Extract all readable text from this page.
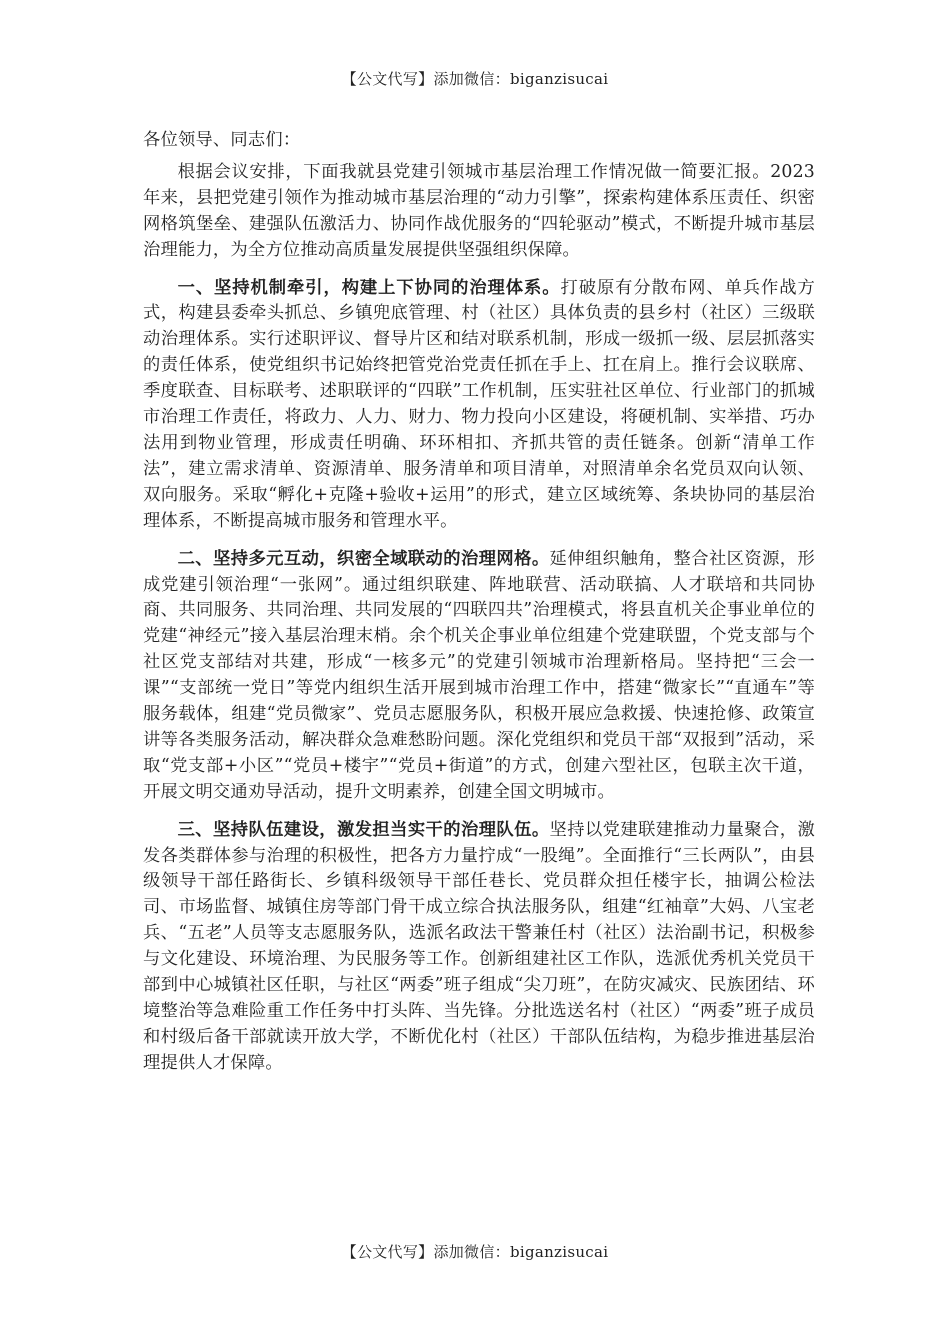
【公文代写】添加微信：biganzisucai

各位领导、同志们：

根据会议安排，下面我就县党建引领城市基层治理工作情况做一简要汇报。2023年来，县把党建引领作为推动城市基层治理的“动力引擎”，探索构建体系压责任、织密网格筑堡垒、建强队伍激活力、协同作战优服务的“四轮驱动”模式，不断提升城市基层治理能力，为全方位推动高质量发展提供坚强组织保障。

一、坚持机制牵引，构建上下协同的治理体系。打破原有分散布网、单兵作战方式，构建县委牵头抓总、乡镇兜底管理、村（社区）具体负责的县乡村（社区）三级联动治理体系。实行述职评议、督导片区和结对联系机制，形成一级抓一级、层层抓落实的责任体系，使党组织书记始终把管党治党责任抓在手上、扛在肩上。推行会议联席、季度联查、目标联考、述职联评的“四联”工作机制，压实驻社区单位、行业部门的抓城市治理工作责任，将政力、人力、财力、物力投向小区建设，将硬机制、实举措、巧办法用到物业管理，形成责任明确、环环相扣、齐抓共管的责任链条。创新“清单工作法”，建立需求清单、资源清单、服务清单和项目清单，对照清单余名党员双向认领、双向服务。采取“孵化+克隆+验收+运用”的形式，建立区域统筹、条块协同的基层治理体系，不断提高城市服务和管理水平。

二、坚持多元互动，织密全域联动的治理网格。延伸组织触角，整合社区资源，形成党建引领治理“一张网”。通过组织联建、阵地联营、活动联搞、人才联培和共同协商、共同服务、共同治理、共同发展的“四联四共”治理模式，将县直机关企事业单位的党建“神经元”接入基层治理末梢。余个机关企事业单位组建个党建联盟，个党支部与个社区党支部结对共建，形成“一核多元”的党建引领城市治理新格局。坚持把“三会一课”“支部统一党日”等党内组织生活开展到城市治理工作中，搭建“微家长”“直通车”等服务载体，组建“党员微家”、党员志愿服务队，积极开展应急救援、快速抢修、政策宣讲等各类服务活动，解决群众急难愁盼问题。深化党组织和党员干部“双报到”活动，采取“党支部+小区”“党员+楼宇”“党员+街道”的方式，创建六型社区，包联主次干道，开展文明交通劝导活动，提升文明素养，创建全国文明城市。

三、坚持队伍建设，激发担当实干的治理队伍。坚持以党建联建推动力量聚合，激发各类群体参与治理的积极性，把各方力量拧成“一股绳”。全面推行“三长两队”，由县级领导干部任路街长、乡镇科级领导干部任巷长、党员群众担任楼宇长，抽调公检法司、市场监督、城镇住房等部门骨干成立综合执法服务队，组建“红袖章”大妈、八宝老兵、“五老”人员等支志愿服务队，选派名政法干警兼任村（社区）法治副书记，积极参与文化建设、环境治理、为民服务等工作。创新组建社区工作队，选派优秀机关党员干部到中心城镇社区任职，与社区“两委”班子组成“尖刀班”，在防灾减灾、民族团结、环境整治等急难险重工作任务中打头阵、当先锋。分批选送名村（社区）“两委”班子成员和村级后备干部就读开放大学，不断优化村（社区）干部队伍结构，为稳步推进基层治理提供人才保障。

【公文代写】添加微信：biganzisucai
